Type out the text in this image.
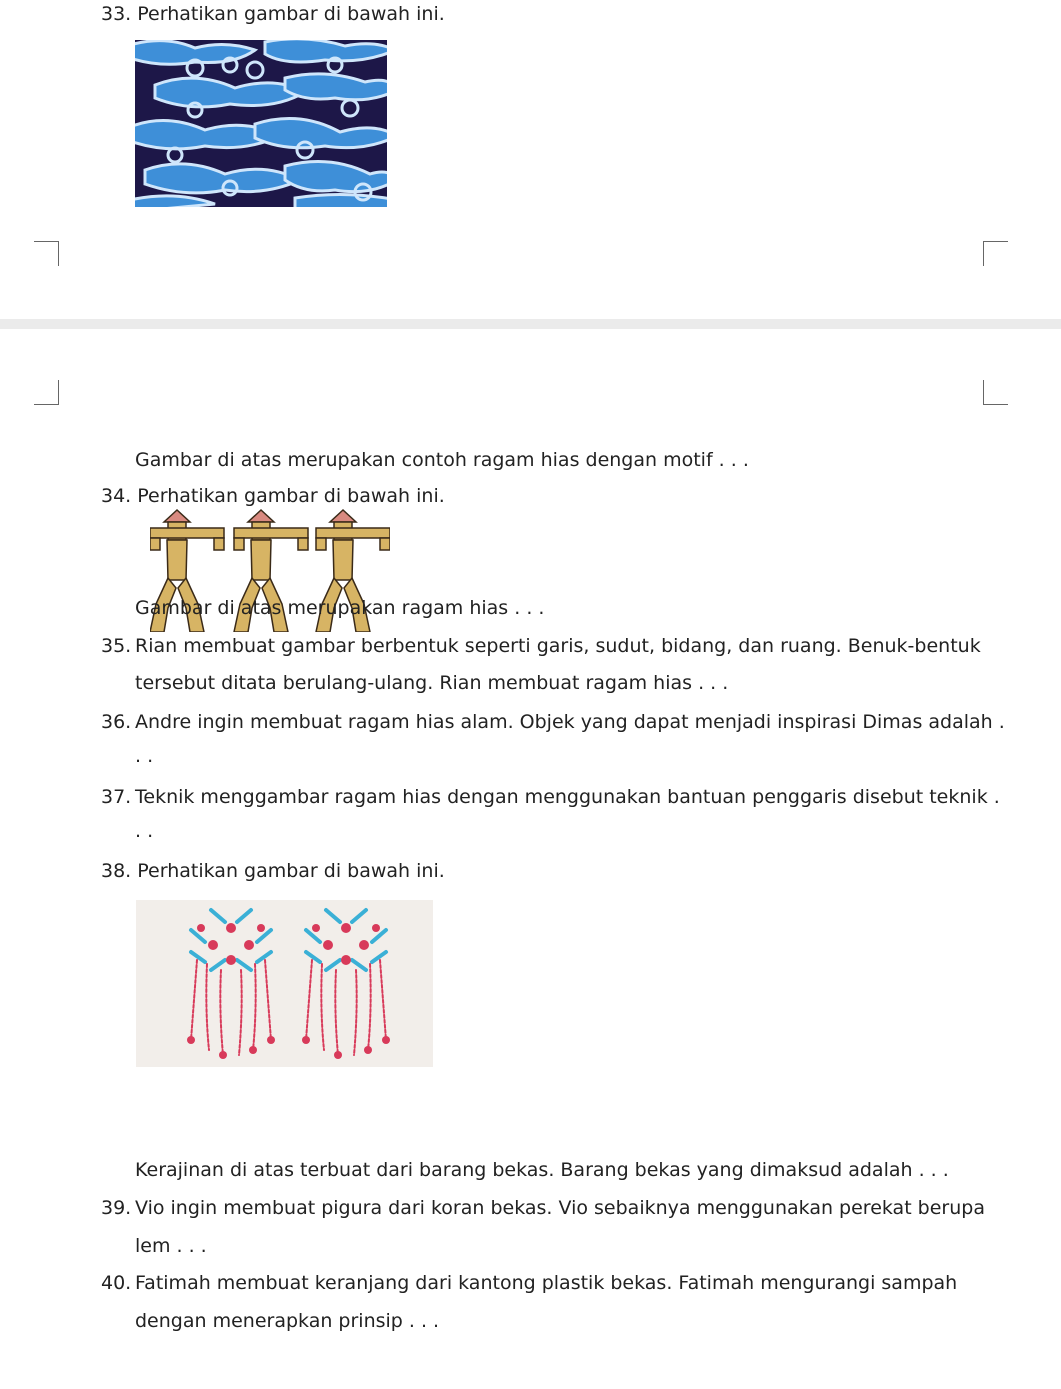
33. Perhatikan gambar di bawah ini.
Gambar di atas merupakan contoh ragam hias dengan motif . . .
34. Perhatikan gambar di bawah ini.
Gambar di atas merupakan ragam hias . . .
35. Rian membuat gambar berbentuk seperti garis, sudut, bidang, dan ruang. Benuk-bentuk
tersebut ditata berulang-ulang. Rian membuat ragam hias . . .
36. Andre ingin membuat ragam hias alam. Objek yang dapat menjadi inspirasi Dimas adalah .
. .
37. Teknik menggambar ragam hias dengan menggunakan bantuan penggaris disebut teknik .
. .
38. Perhatikan gambar di bawah ini.
Kerajinan di atas terbuat dari barang bekas. Barang bekas yang dimaksud adalah . . .
39. Vio ingin membuat pigura dari koran bekas. Vio sebaiknya menggunakan perekat berupa
lem . . .
40. Fatimah membuat keranjang dari kantong plastik bekas. Fatimah mengurangi sampah
dengan menerapkan prinsip . . .
